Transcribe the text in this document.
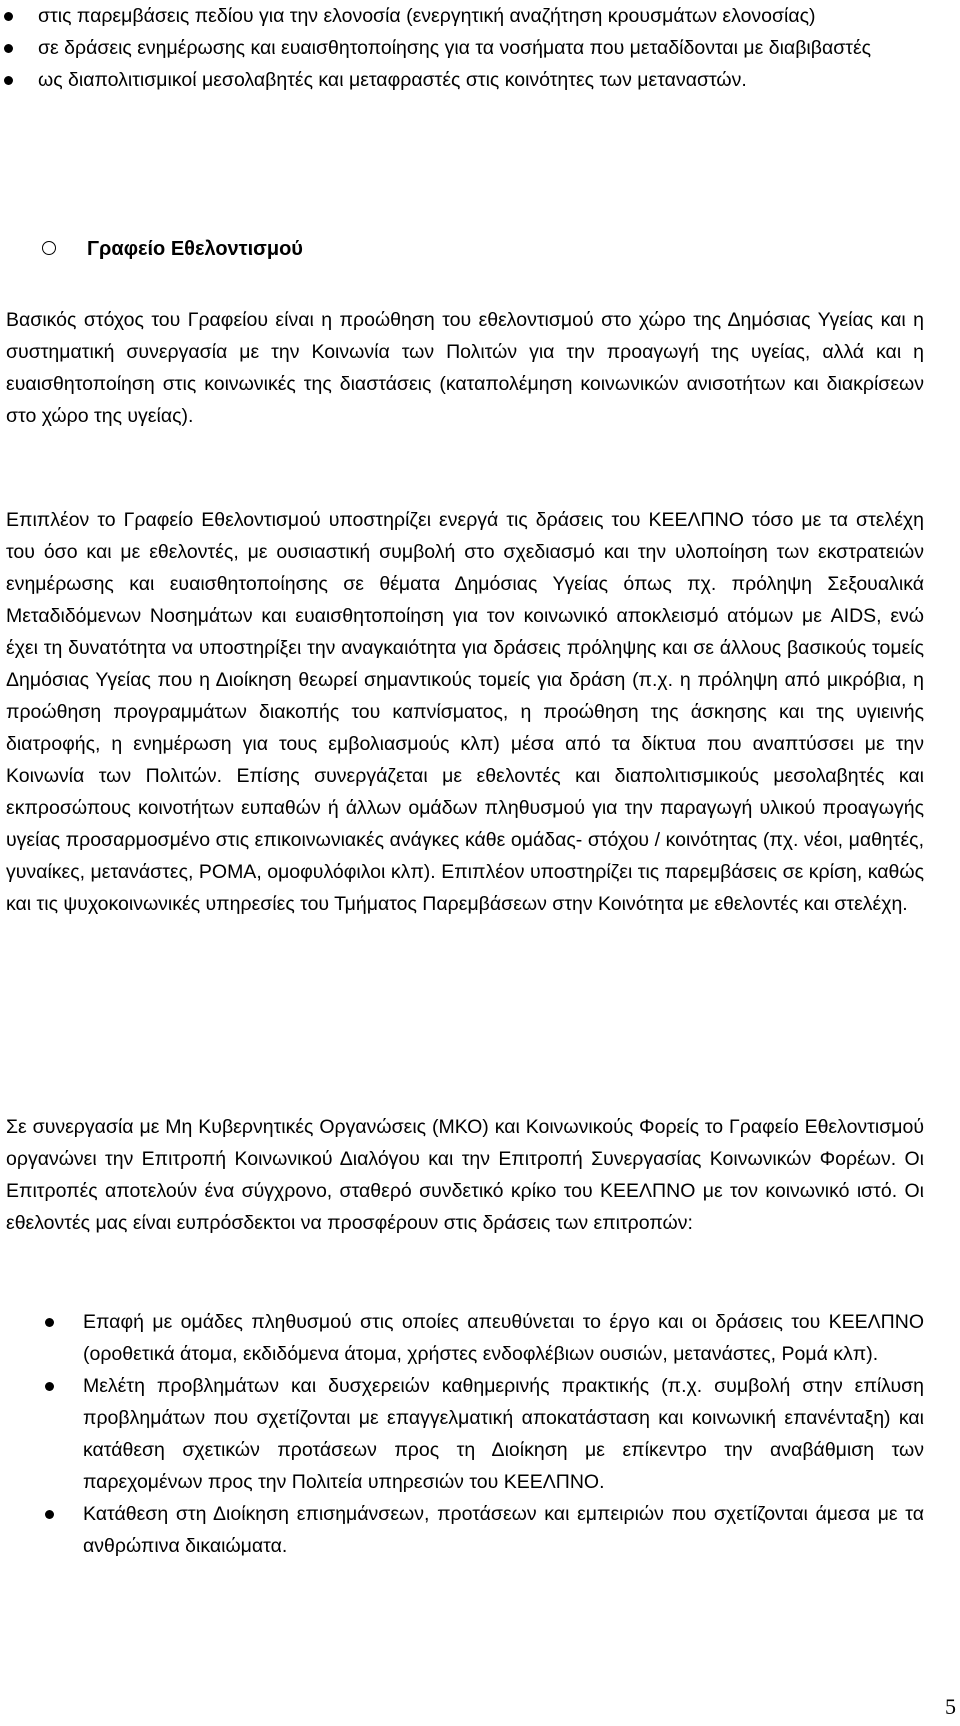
στις παρεμβάσεις πεδίου για την ελονοσία (ενεργητική αναζήτηση κρουσμάτων ελονοσίας)
σε δράσεις ενημέρωσης και ευαισθητοποίησης για τα νοσήματα που μεταδίδονται με διαβιβαστές
ως διαπολιτισμικοί μεσολαβητές και μεταφραστές στις κοινότητες των μεταναστών.
Γραφείο Εθελοντισμού

Βασικός στόχος του Γραφείου είναι η προώθηση του εθελοντισμού στο χώρο της Δημόσιας Υγείας και η συστηματική συνεργασία με την Κοινωνία των Πολιτών για την προαγωγή της υγείας, αλλά και η ευαισθητοποίηση στις κοινωνικές της διαστάσεις (καταπολέμηση κοινωνικών ανισοτήτων και διακρίσεων στο χώρο της υγείας).

Επιπλέον το Γραφείο Εθελοντισμού υποστηρίζει ενεργά τις δράσεις του ΚΕΕΛΠΝΟ τόσο με τα στελέχη του όσο και με εθελοντές, με ουσιαστική συμβολή στο σχεδιασμό και την υλοποίηση των εκστρατειών ενημέρωσης και ευαισθητοποίησης σε θέματα Δημόσιας Υγείας όπως πχ. πρόληψη Σεξουαλικά Μεταδιδόμενων Νοσημάτων και ευαισθητοποίηση για τον κοινωνικό αποκλεισμό ατόμων με AIDS, ενώ έχει τη δυνατότητα να υποστηρίξει την αναγκαιότητα για δράσεις πρόληψης και σε άλλους βασικούς τομείς Δημόσιας Υγείας που η Διοίκηση θεωρεί σημαντικούς τομείς για δράση (π.χ. η πρόληψη από μικρόβια, η προώθηση προγραμμάτων διακοπής του καπνίσματος, η προώθηση της άσκησης και της υγιεινής διατροφής, η ενημέρωση για τους εμβολιασμούς κλπ) μέσα από τα δίκτυα που αναπτύσσει με την Κοινωνία των Πολιτών. Επίσης συνεργάζεται με εθελοντές και διαπολιτισμικούς μεσολαβητές και εκπροσώπους κοινοτήτων ευπαθών ή άλλων ομάδων πληθυσμού για την παραγωγή υλικού προαγωγής υγείας προσαρμοσμένο στις επικοινωνιακές ανάγκες κάθε ομάδας- στόχου / κοινότητας (πχ. νέοι, μαθητές, γυναίκες, μετανάστες, ΡΟΜΑ, ομοφυλόφιλοι κλπ). Επιπλέον υποστηρίζει τις παρεμβάσεις σε κρίση, καθώς και τις ψυχοκοινωνικές υπηρεσίες του Τμήματος Παρεμβάσεων στην Κοινότητα με εθελοντές και στελέχη.

Σε συνεργασία με Μη Κυβερνητικές Οργανώσεις (ΜΚΟ) και Κοινωνικούς Φορείς το Γραφείο Εθελοντισμού οργανώνει την Επιτροπή Κοινωνικού Διαλόγου και την Επιτροπή Συνεργασίας Κοινωνικών Φορέων. Οι Επιτροπές αποτελούν ένα σύγχρονο, σταθερό συνδετικό κρίκο του ΚΕΕΛΠΝΟ με τον κοινωνικό ιστό. Οι εθελοντές μας είναι ευπρόσδεκτοι να προσφέρουν στις δράσεις των επιτροπών:

Επαφή με ομάδες πληθυσμού στις οποίες απευθύνεται το έργο και οι δράσεις του ΚΕΕΛΠΝΟ (οροθετικά άτομα, εκδιδόμενα άτομα, χρήστες ενδοφλέβιων ουσιών, μετανάστες, Ρομά κλπ).
Μελέτη προβλημάτων και δυσχερειών καθημερινής πρακτικής (π.χ. συμβολή στην επίλυση προβλημάτων που σχετίζονται με επαγγελματική αποκατάσταση και κοινωνική επανένταξη) και κατάθεση σχετικών προτάσεων προς τη Διοίκηση με επίκεντρο την αναβάθμιση των παρεχομένων προς την Πολιτεία υπηρεσιών του ΚΕΕΛΠΝΟ.
Κατάθεση στη Διοίκηση επισημάνσεων, προτάσεων και εμπειριών που σχετίζονται άμεσα με τα ανθρώπινα δικαιώματα.
5
